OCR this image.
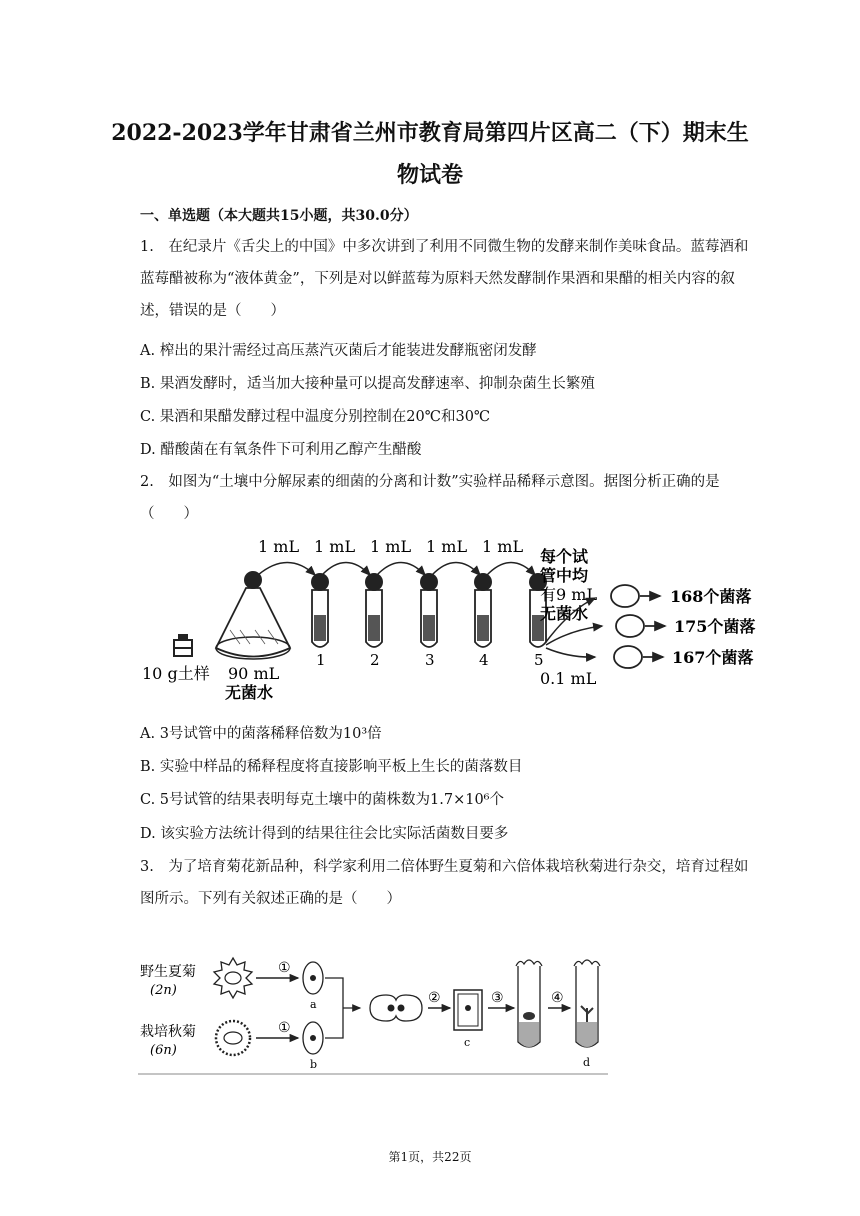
2022-2023学年甘肃省兰州市教育局第四片区高二（下）期末生
物试卷
一、单选题（本大题共15小题，共30.0分）
1.　在纪录片《舌尖上的中国》中多次讲到了利用不同微生物的发酵来制作美味食品。蓝莓酒和蓝莓醋被称为“液体黄金”，下列是对以鲜蓝莓为原料天然发酵制作果酒和果醋的相关内容的叙述，错误的是（　　）
A. 榨出的果汁需经过高压蒸汽灭菌后才能装进发酵瓶密闭发酵
B. 果酒发酵时，适当加大接种量可以提高发酵速率、抑制杂菌生长繁殖
C. 果酒和果醋发酵过程中温度分别控制在20℃和30℃
D. 醋酸菌在有氧条件下可利用乙醇产生醋酸
2.　如图为“土壤中分解尿素的细菌的分离和计数”实验样品稀释示意图。据图分析正确的是（　　）
1 mL 1 mL 1 mL 1 mL 1 mL
10 g土样 90 mL
无菌水
1	2	3	4	5
每个试
管中均
有9 mL
无菌水
0.1 mL
168个菌落
175个菌落
167个菌落
A. 3号试管中的菌落稀释倍数为10³倍
B. 实验中样品的稀释程度将直接影响平板上生长的菌落数目
C. 5号试管的结果表明每克土壤中的菌株数为1.7×10⁶个
D. 该实验方法统计得到的结果往往会比实际活菌数目要多
3.　为了培育菊花新品种，科学家利用二倍体野生夏菊和六倍体栽培秋菊进行杂交，培育过程如图所示。下列有关叙述正确的是（　　）
野生夏菊
(2n)
栽培秋菊
(6n)
①
①
a
b
②
c
③	④
d
第1页，共22页
